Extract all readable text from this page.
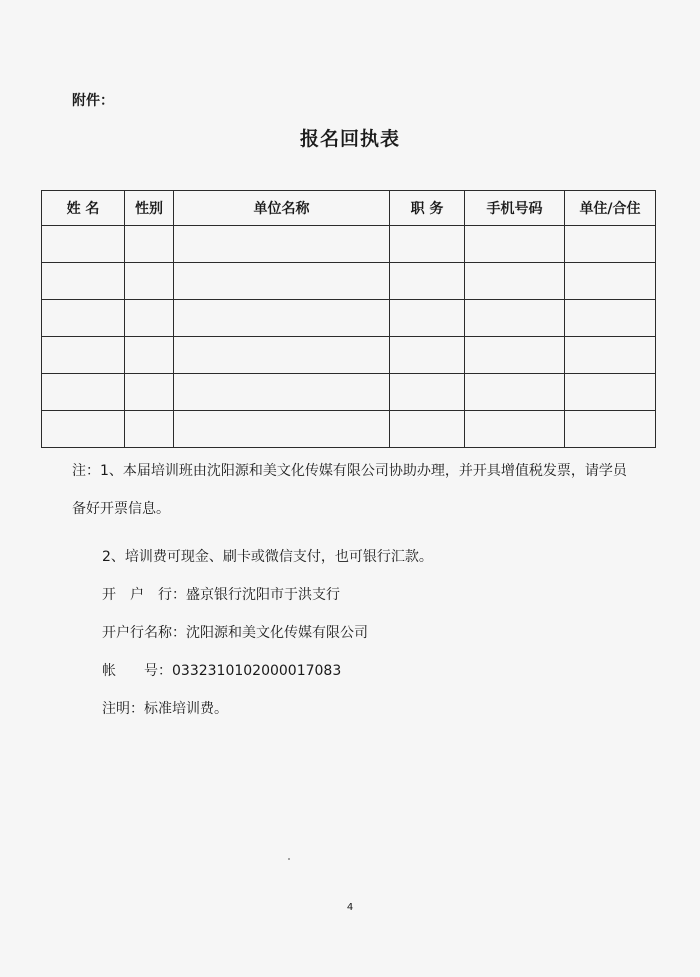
附件：
报名回执表
姓 名	性别	单位名称	职 务	手机号码	单住/合住

注：1、本届培训班由沈阳源和美文化传媒有限公司协助办理，并开具增值税发票，请学员

备好开票信息。

2、培训费可现金、刷卡或微信支付，也可银行汇款。

开　户　行：盛京银行沈阳市于洪支行

开户行名称：沈阳源和美文化传媒有限公司

帐　　号：0332310102000017083

注明：标准培训费。

4
